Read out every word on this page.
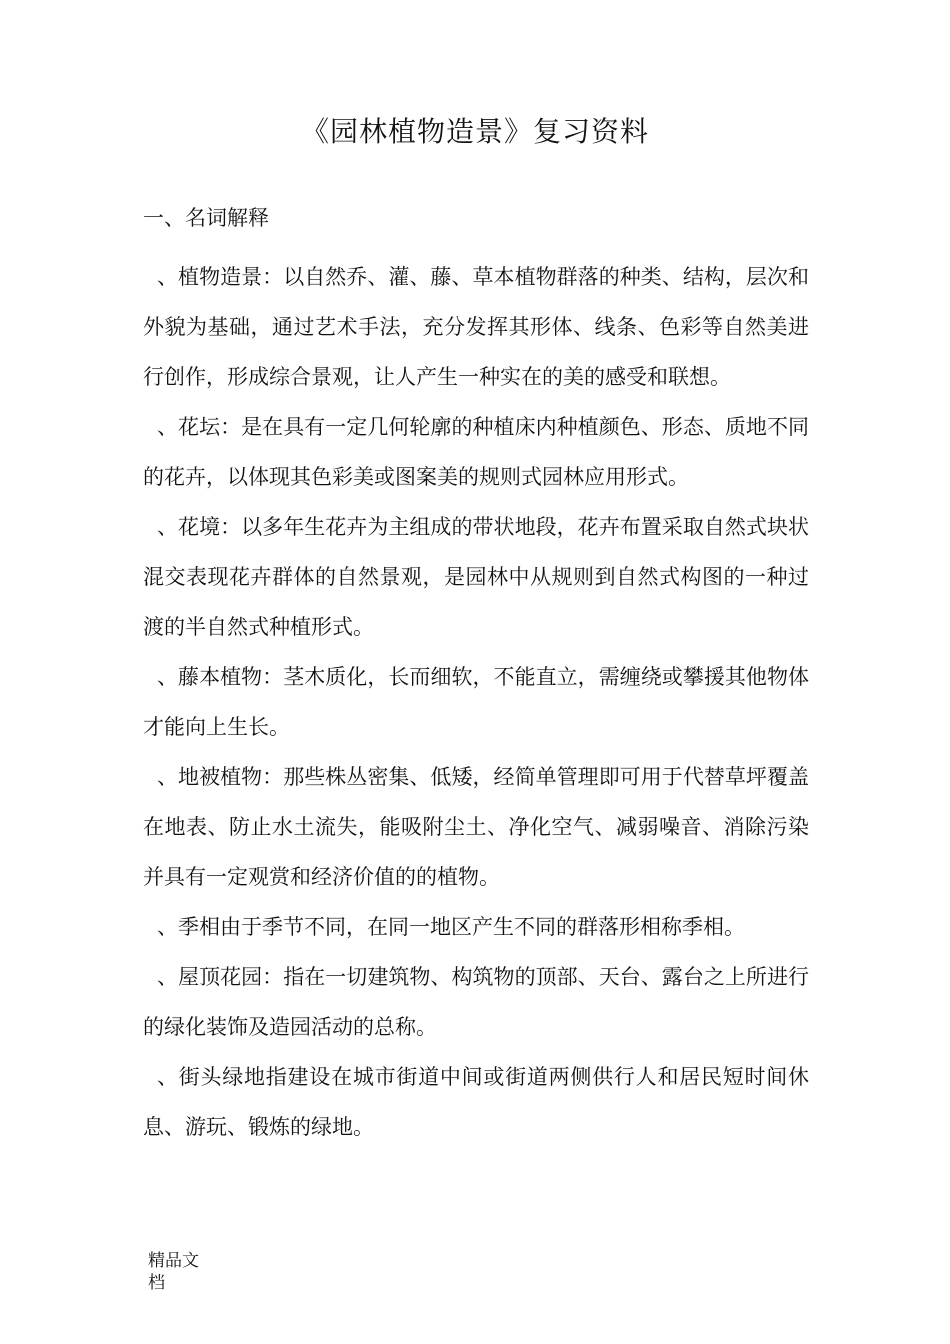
《园林植物造景》复习资料
一、名词解释

、植物造景：以自然乔、灌、藤、草本植物群落的种类、结构，层次和外貌为基础，通过艺术手法，充分发挥其形体、线条、色彩等自然美进行创作，形成综合景观，让人产生一种实在的美的感受和联想。

、花坛：是在具有一定几何轮廓的种植床内种植颜色、形态、质地不同的花卉，以体现其色彩美或图案美的规则式园林应用形式。

、花境：以多年生花卉为主组成的带状地段，花卉布置采取自然式块状混交表现花卉群体的自然景观，是园林中从规则到自然式构图的一种过渡的半自然式种植形式。

、藤本植物：茎木质化，长而细软，不能直立，需缠绕或攀援其他物体才能向上生长。

、地被植物：那些株丛密集、低矮，经简单管理即可用于代替草坪覆盖在地表、防止水土流失，能吸附尘土、净化空气、减弱噪音、消除污染并具有一定观赏和经济价值的的植物。

、季相由于季节不同，在同一地区产生不同的群落形相称季相。

、屋顶花园：指在一切建筑物、构筑物的顶部、天台、露台之上所进行的绿化装饰及造园活动的总称。

、街头绿地指建设在城市街道中间或街道两侧供行人和居民短时间休息、游玩、锻炼的绿地。

精品文档
